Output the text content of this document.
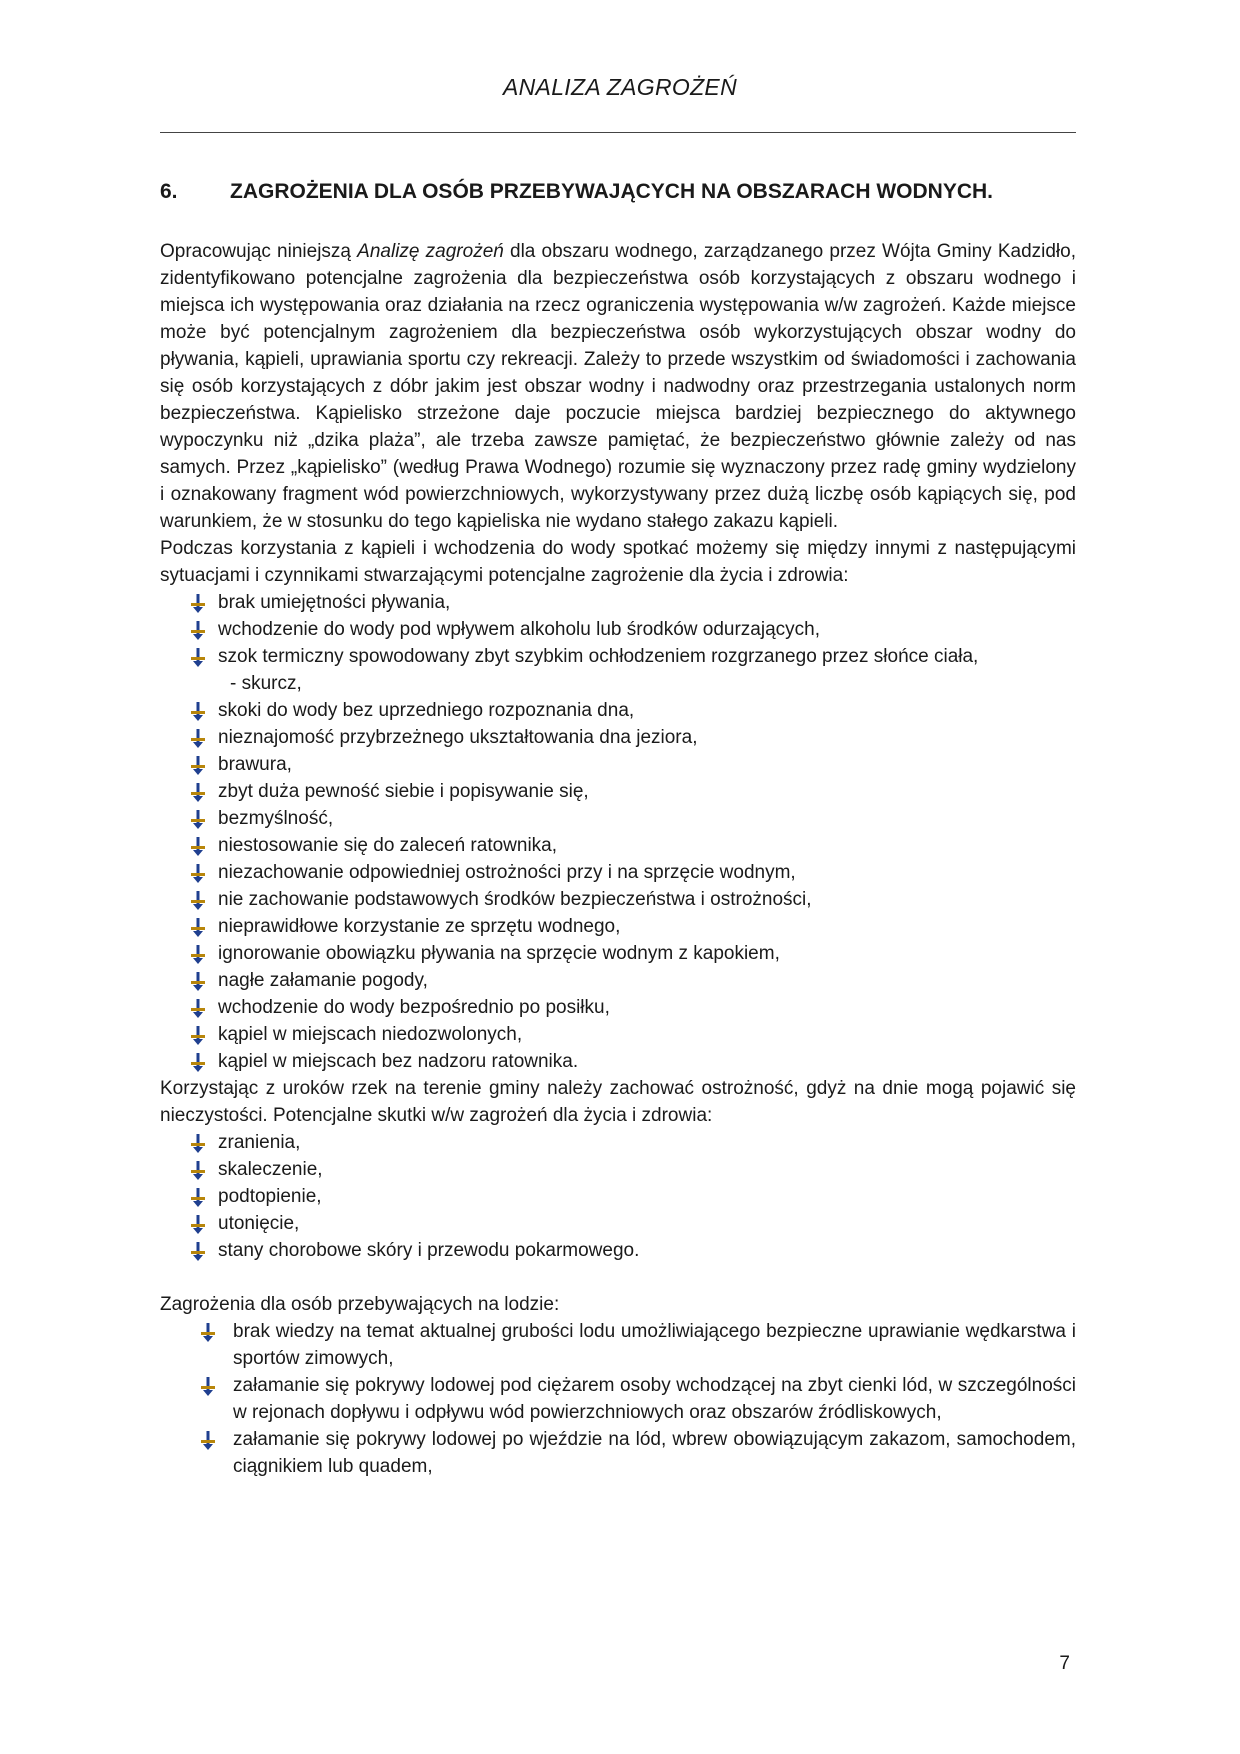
ANALIZA ZAGROŻEŃ
6.	ZAGROŻENIA DLA OSÓB PRZEBYWAJĄCYCH NA OBSZARACH WODNYCH.

Opracowując niniejszą Analizę zagrożeń dla obszaru wodnego, zarządzanego przez Wójta Gminy Kadzidło, zidentyfikowano potencjalne zagrożenia dla bezpieczeństwa osób korzystających z obszaru wodnego i miejsca ich występowania oraz działania na rzecz ograniczenia występowania w/w zagrożeń. Każde miejsce może być potencjalnym zagrożeniem dla bezpieczeństwa osób wykorzystujących obszar wodny do pływania, kąpieli, uprawiania sportu czy rekreacji. Zależy to przede wszystkim od świadomości i zachowania się osób korzystających z dóbr jakim jest obszar wodny i nadwodny oraz przestrzegania ustalonych norm bezpieczeństwa. Kąpielisko strzeżone daje poczucie miejsca bardziej bezpiecznego do aktywnego wypoczynku niż „dzika plaża”, ale trzeba zawsze pamiętać, że bezpieczeństwo głównie zależy od nas samych. Przez „kąpielisko” (według Prawa Wodnego) rozumie się wyznaczony przez radę gminy wydzielony i oznakowany fragment wód powierzchniowych, wykorzystywany przez dużą liczbę osób kąpiących się, pod warunkiem, że w stosunku do tego kąpieliska nie wydano stałego zakazu kąpieli.

Podczas korzystania z kąpieli i wchodzenia do wody spotkać możemy się między innymi z następującymi sytuacjami i czynnikami stwarzającymi potencjalne zagrożenie dla życia i zdrowia:

brak umiejętności pływania,
wchodzenie do wody pod wpływem alkoholu lub środków odurzających,
szok termiczny spowodowany zbyt szybkim ochłodzeniem rozgrzanego przez słońce ciała,
- skurcz,
skoki do wody bez uprzedniego rozpoznania dna,
nieznajomość przybrzeżnego ukształtowania dna jeziora,
brawura,
zbyt duża pewność siebie i popisywanie się,
bezmyślność,
niestosowanie się do zaleceń ratownika,
niezachowanie odpowiedniej ostrożności przy i na sprzęcie wodnym,
nie zachowanie podstawowych środków bezpieczeństwa i ostrożności,
nieprawidłowe korzystanie ze sprzętu wodnego,
ignorowanie obowiązku pływania na sprzęcie wodnym z kapokiem,
nagłe załamanie pogody,
wchodzenie do wody bezpośrednio po posiłku,
kąpiel w miejscach niedozwolonych,
kąpiel w miejscach bez nadzoru ratownika.

Korzystając z uroków rzek na terenie gminy należy zachować ostrożność, gdyż na dnie mogą pojawić się nieczystości. Potencjalne skutki w/w zagrożeń dla życia i zdrowia:

zranienia,
skaleczenie,
podtopienie,
utonięcie,
stany chorobowe skóry i przewodu pokarmowego.

Zagrożenia dla osób przebywających na lodzie:

brak wiedzy na temat aktualnej grubości lodu umożliwiającego bezpieczne uprawianie wędkarstwa i sportów zimowych,
załamanie się pokrywy lodowej pod ciężarem osoby wchodzącej na zbyt cienki lód, w szczególności w rejonach dopływu i odpływu wód powierzchniowych oraz obszarów źródliskowych,
załamanie się pokrywy lodowej po wjeździe na lód, wbrew obowiązującym zakazom, samochodem, ciągnikiem lub quadem,
7
